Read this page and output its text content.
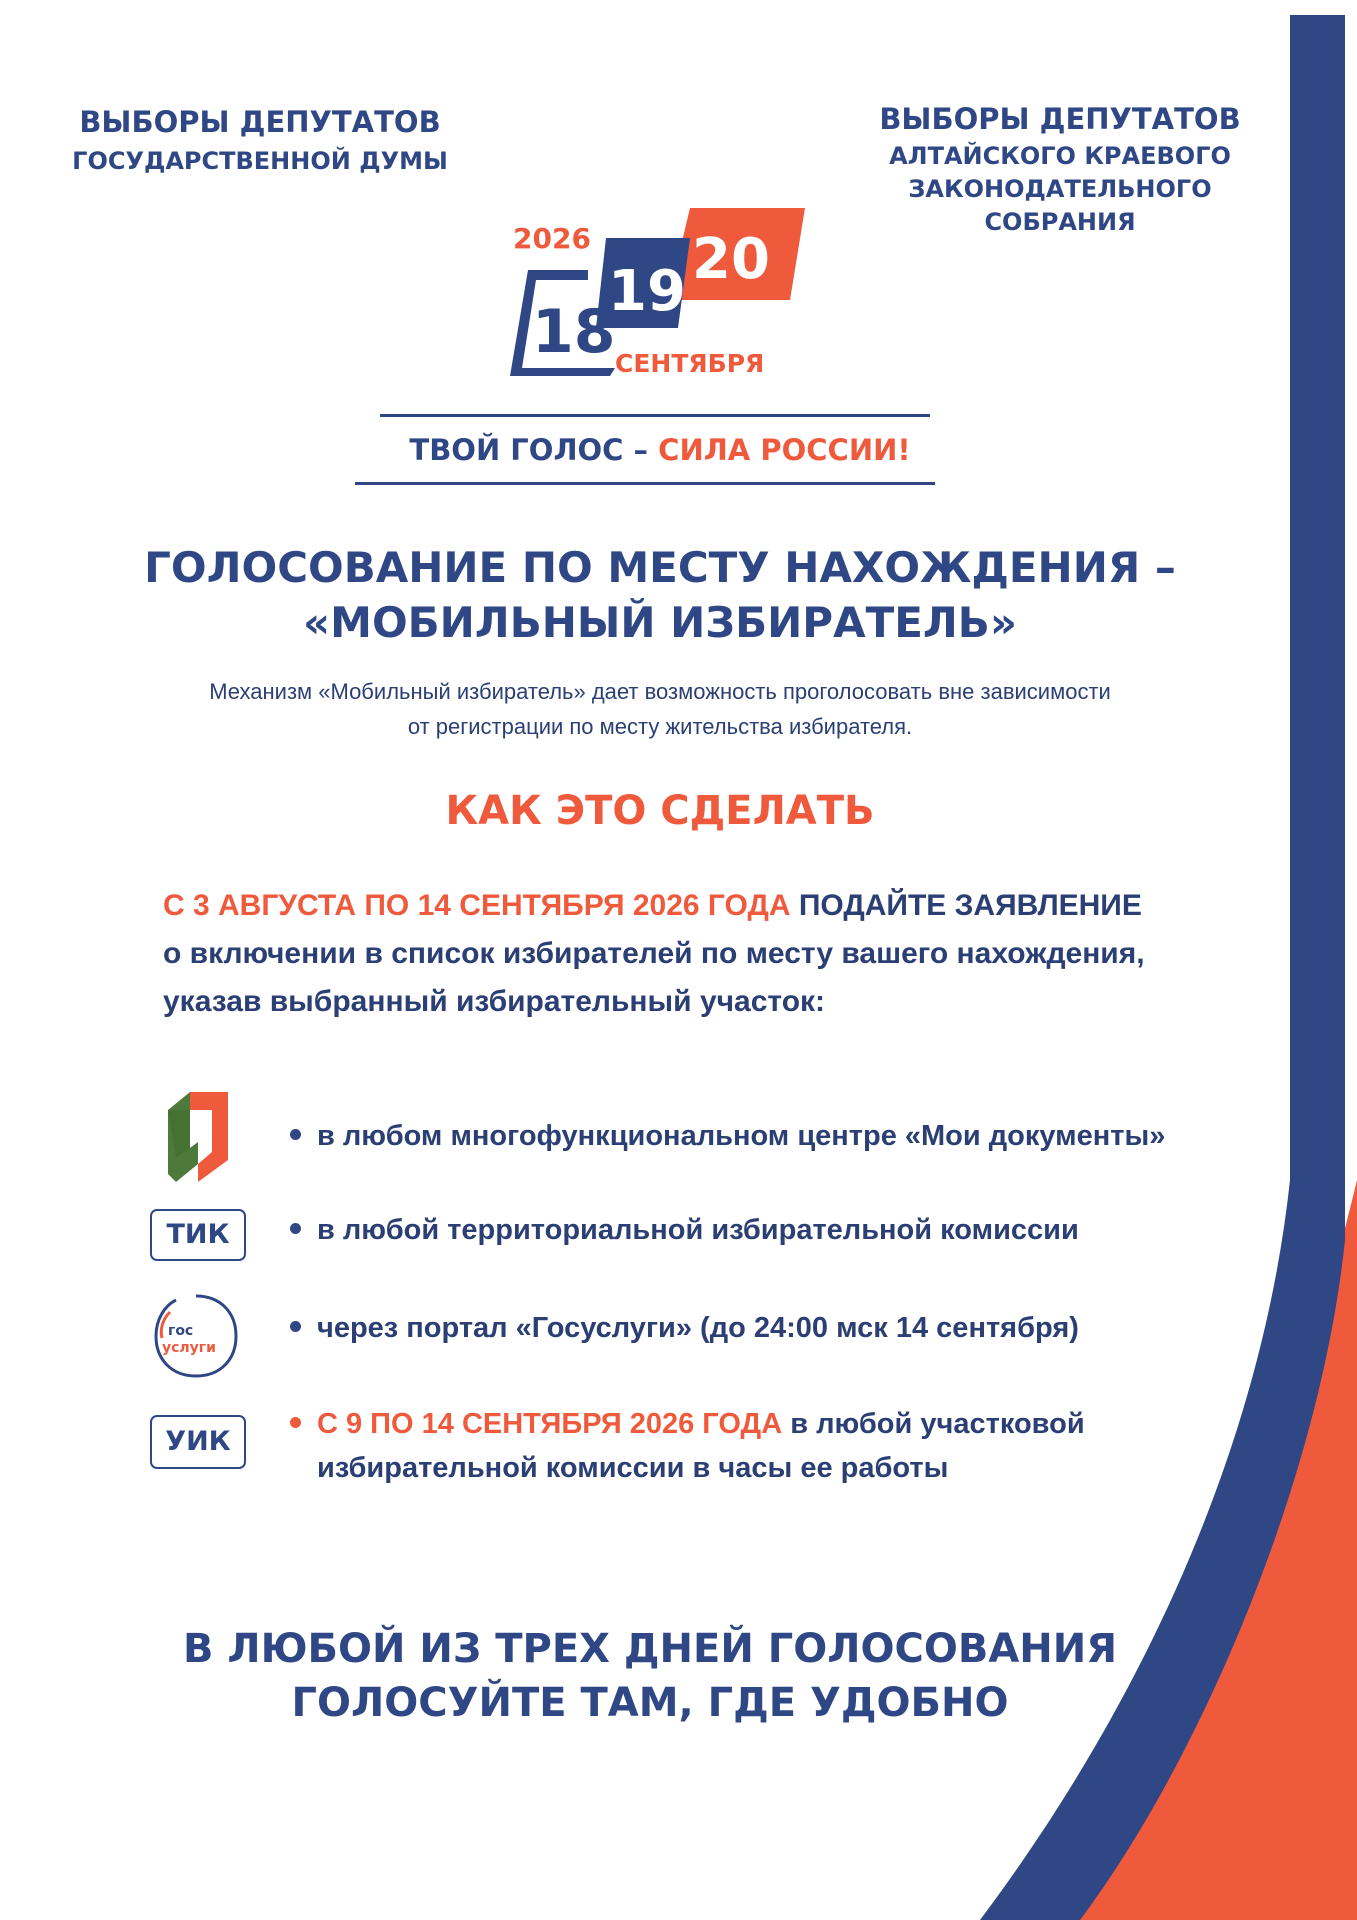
ВЫБОРЫ ДЕПУТАТОВ
ГОСУДАРСТВЕННОЙ ДУМЫ
ВЫБОРЫ ДЕПУТАТОВ
АЛТАЙСКОГО КРАЕВОГО
ЗАКОНОДАТЕЛЬНОГО
СОБРАНИЯ
2026
18
19 20
СЕНТЯБРЯ
ТВОЙ ГОЛОС – СИЛА РОССИИ!
ГОЛОСОВАНИЕ ПО МЕСТУ НАХОЖДЕНИЯ –
«МОБИЛЬНЫЙ ИЗБИРАТЕЛЬ»
Механизм «Мобильный избиратель» дает возможность проголосовать вне зависимости
от регистрации по месту жительства избирателя.
КАК ЭТО СДЕЛАТЬ
С 3 АВГУСТА ПО 14 СЕНТЯБРЯ 2026 ГОДА ПОДАЙТЕ ЗАЯВЛЕНИЕ
о включении в список избирателей по месту вашего нахождения,
указав выбранный избирательный участок:
ТИК
гос
услуги
УИК
в любом многофункциональном центре «Мои документы»
в любой территориальной избирательной комиссии
через портал «Госуслуги» (до 24:00 мск 14 сентября)
С 9 ПО 14 СЕНТЯБРЯ 2026 ГОДА в любой участковой
избирательной комиссии в часы ее работы
В ЛЮБОЙ ИЗ ТРЕХ ДНЕЙ ГОЛОСОВАНИЯ
ГОЛОСУЙТЕ ТАМ, ГДЕ УДОБНО
